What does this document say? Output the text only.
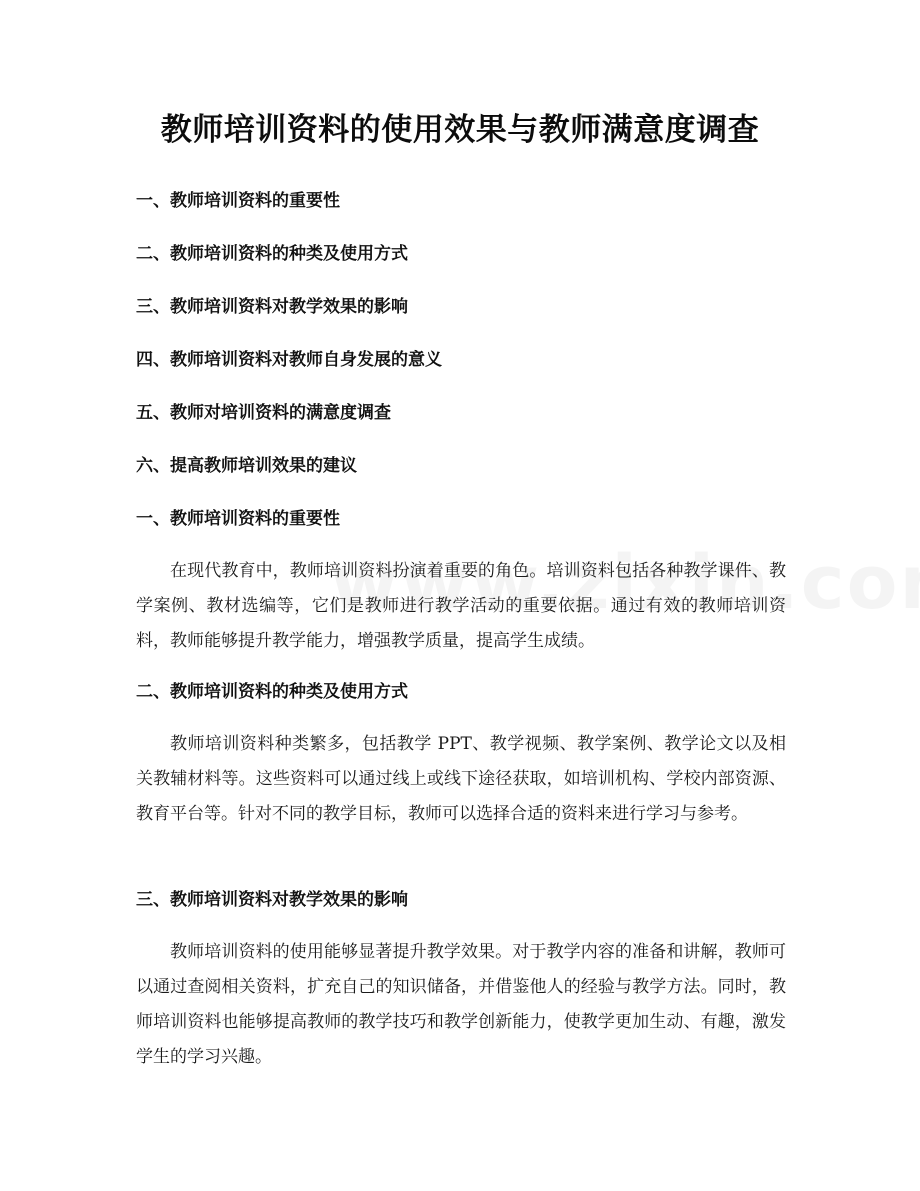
教师培训资料的使用效果与教师满意度调查

一、教师培训资料的重要性

二、教师培训资料的种类及使用方式

三、教师培训资料对教学效果的影响

四、教师培训资料对教师自身发展的意义

五、教师对培训资料的满意度调查

六、提高教师培训效果的建议

一、教师培训资料的重要性

在现代教育中，教师培训资料扮演着重要的角色。培训资料包括各种教学课件、教学案例、教材选编等，它们是教师进行教学活动的重要依据。通过有效的教师培训资料，教师能够提升教学能力，增强教学质量，提高学生成绩。

二、教师培训资料的种类及使用方式

教师培训资料种类繁多，包括教学 PPT、教学视频、教学案例、教学论文以及相关教辅材料等。这些资料可以通过线上或线下途径获取，如培训机构、学校内部资源、教育平台等。针对不同的教学目标，教师可以选择合适的资料来进行学习与参考。

三、教师培训资料对教学效果的影响

教师培训资料的使用能够显著提升教学效果。对于教学内容的准备和讲解，教师可以通过查阅相关资料，扩充自己的知识储备，并借鉴他人的经验与教学方法。同时，教师培训资料也能够提高教师的教学技巧和教学创新能力，使教学更加生动、有趣，激发学生的学习兴趣。
